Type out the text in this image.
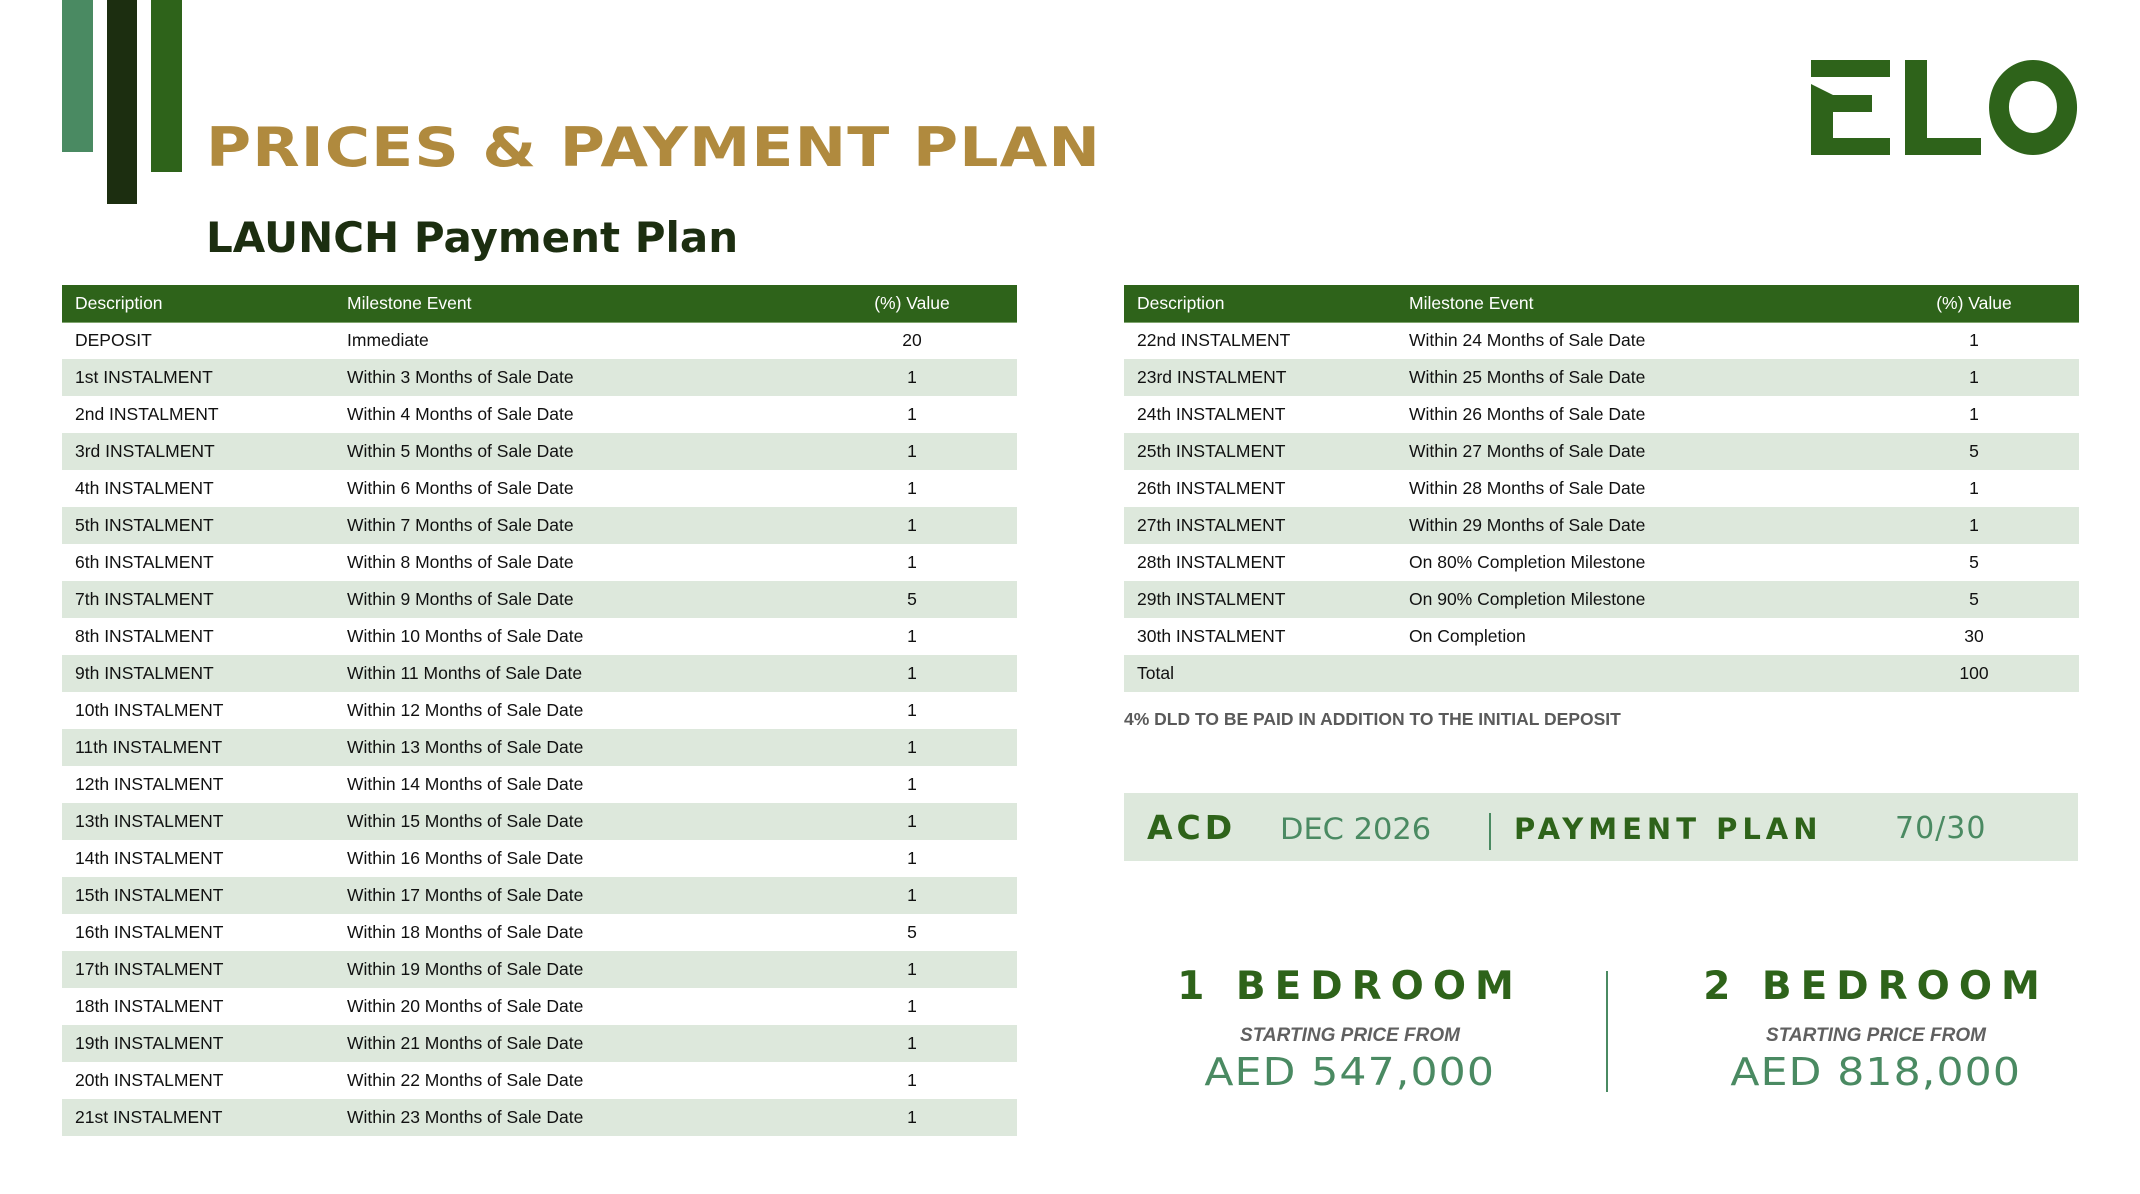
PRICES & PAYMENT PLAN
LAUNCH Payment Plan
Description	Milestone Event	(%) Value
DEPOSIT	Immediate	20
1st INSTALMENT	Within 3 Months of Sale Date	1
2nd INSTALMENT	Within 4 Months of Sale Date	1
3rd INSTALMENT	Within 5 Months of Sale Date	1
4th INSTALMENT	Within 6 Months of Sale Date	1
5th INSTALMENT	Within 7 Months of Sale Date	1
6th INSTALMENT	Within 8 Months of Sale Date	1
7th INSTALMENT	Within 9 Months of Sale Date	5
8th INSTALMENT	Within 10 Months of Sale Date	1
9th INSTALMENT	Within 11 Months of Sale Date	1
10th INSTALMENT	Within 12 Months of Sale Date	1
11th INSTALMENT	Within 13 Months of Sale Date	1
12th INSTALMENT	Within 14 Months of Sale Date	1
13th INSTALMENT	Within 15 Months of Sale Date	1
14th INSTALMENT	Within 16 Months of Sale Date	1
15th INSTALMENT	Within 17 Months of Sale Date	1
16th INSTALMENT	Within 18 Months of Sale Date	5
17th INSTALMENT	Within 19 Months of Sale Date	1
18th INSTALMENT	Within 20 Months of Sale Date	1
19th INSTALMENT	Within 21 Months of Sale Date	1
20th INSTALMENT	Within 22 Months of Sale Date	1
21st INSTALMENT	Within 23 Months of Sale Date	1
Description	Milestone Event	(%) Value
22nd INSTALMENT	Within 24 Months of Sale Date	1
23rd INSTALMENT	Within 25 Months of Sale Date	1
24th INSTALMENT	Within 26 Months of Sale Date	1
25th INSTALMENT	Within 27 Months of Sale Date	5
26th INSTALMENT	Within 28 Months of Sale Date	1
27th INSTALMENT	Within 29 Months of Sale Date	1
28th INSTALMENT	On 80% Completion Milestone	5
29th INSTALMENT	On 90% Completion Milestone	5
30th INSTALMENT	On Completion	30
Total		100
4% DLD TO BE PAID IN ADDITION TO THE INITIAL DEPOSIT
ACD DEC 2026	PAYMENT PLAN 70/30
1 BEDROOM
STARTING PRICE FROM
AED 547,000
2 BEDROOM
STARTING PRICE FROM
AED 818,000
